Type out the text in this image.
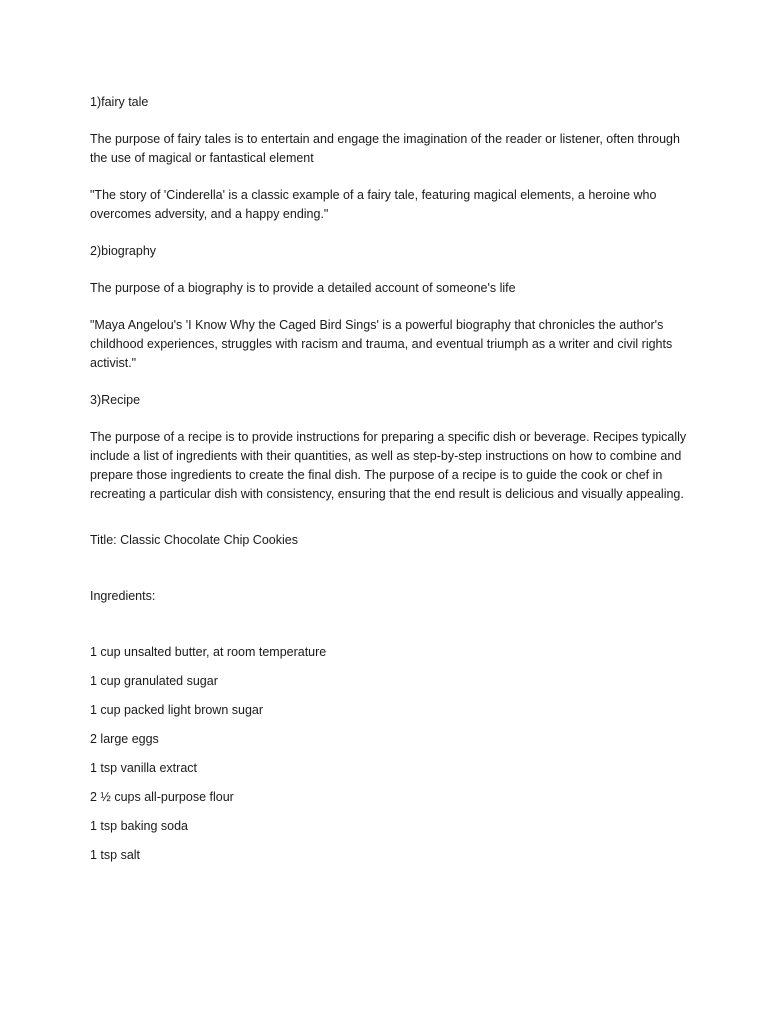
1)fairy tale

The purpose of fairy tales is to entertain and engage the imagination of the reader or listener, often through the use of magical or fantastical element

"The story of 'Cinderella' is a classic example of a fairy tale, featuring magical elements, a heroine who overcomes adversity, and a happy ending."

2)biography

The purpose of a biography is to provide a detailed account of someone's life

"Maya Angelou's 'I Know Why the Caged Bird Sings' is a powerful biography that chronicles the author's childhood experiences, struggles with racism and trauma, and eventual triumph as a writer and civil rights activist."

3)Recipe

The purpose of a recipe is to provide instructions for preparing a specific dish or beverage. Recipes typically include a list of ingredients with their quantities, as well as step-by-step instructions on how to combine and prepare those ingredients to create the final dish. The purpose of a recipe is to guide the cook or chef in recreating a particular dish with consistency, ensuring that the end result is delicious and visually appealing.

Title: Classic Chocolate Chip Cookies

Ingredients:

1 cup unsalted butter, at room temperature

1 cup granulated sugar

1 cup packed light brown sugar

2 large eggs

1 tsp vanilla extract

2 ½ cups all-purpose flour

1 tsp baking soda

1 tsp salt
